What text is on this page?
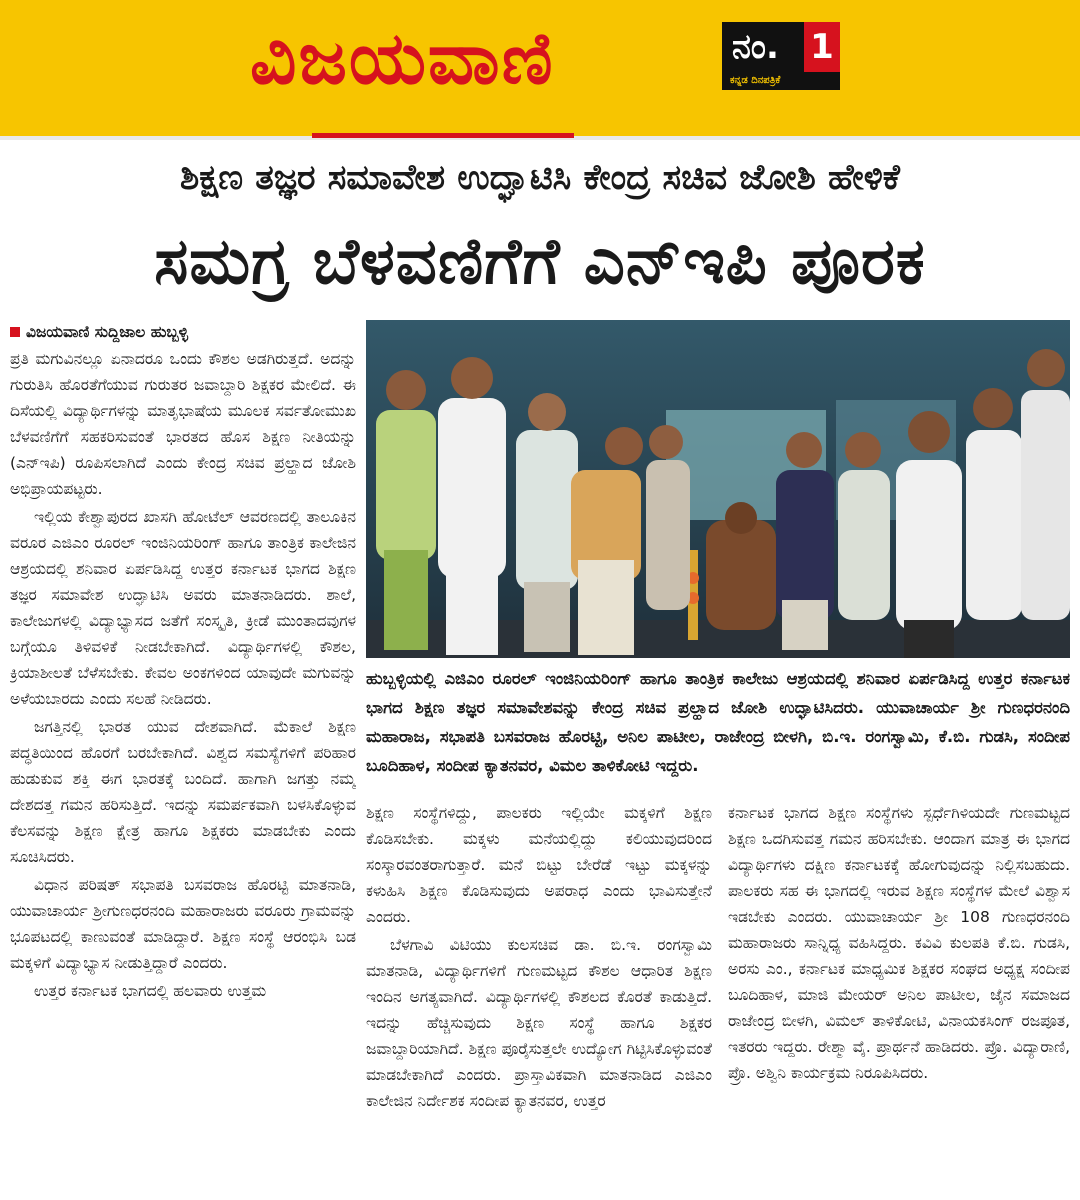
ವಿಜಯವಾಣಿ	ನಂ. 1
ಕನ್ನಡ ದಿನಪತ್ರಿಕೆ
ಶಿಕ್ಷಣ ತಜ್ಞರ ಸಮಾವೇಶ ಉದ್ಘಾಟಿಸಿ ಕೇಂದ್ರ ಸಚಿವ ಜೋಶಿ ಹೇಳಿಕೆ
ಸಮಗ್ರ ಬೆಳವಣಿಗೆಗೆ ಎನ್‌ಇಪಿ ಪೂರಕ
ವಿಜಯವಾಣಿ ಸುದ್ದಿಜಾಲ ಹುಬ್ಬಳ್ಳಿ

ಪ್ರತಿ ಮಗುವಿನಲ್ಲೂ ಏನಾದರೂ ಒಂದು ಕೌಶಲ ಅಡಗಿರುತ್ತದೆ. ಅದನ್ನು ಗುರುತಿಸಿ ಹೊರತೆಗೆಯುವ ಗುರುತರ ಜವಾಬ್ದಾರಿ ಶಿಕ್ಷಕರ ಮೇಲಿದೆ. ಈ ದಿಸೆಯಲ್ಲಿ ವಿದ್ಯಾರ್ಥಿಗಳನ್ನು ಮಾತೃಭಾಷೆಯ ಮೂಲಕ ಸರ್ವತೋಮುಖ ಬೆಳವಣಿಗೆಗೆ ಸಹಕರಿಸುವಂತೆ ಭಾರತದ ಹೊಸ ಶಿಕ್ಷಣ ನೀತಿಯನ್ನು (ಎನ್‌ಇಪಿ) ರೂಪಿಸಲಾಗಿದೆ ಎಂದು ಕೇಂದ್ರ ಸಚಿವ ಪ್ರಲ್ಹಾದ ಜೋಶಿ ಅಭಿಪ್ರಾಯಪಟ್ಟರು.

ಇಲ್ಲಿಯ ಕೇಶ್ವಾಪುರದ ಖಾಸಗಿ ಹೋಟೆಲ್ ಆವರಣದಲ್ಲಿ ತಾಲೂಕಿನ ವರೂರ ಎಜಿಎಂ ರೂರಲ್ ಇಂಜಿನಿಯರಿಂಗ್ ಹಾಗೂ ತಾಂತ್ರಿಕ ಕಾಲೇಜಿನ ಆಶ್ರಯದಲ್ಲಿ ಶನಿವಾರ ಏರ್ಪಡಿಸಿದ್ದ ಉತ್ತರ ಕರ್ನಾಟಕ ಭಾಗದ ಶಿಕ್ಷಣ ತಜ್ಞರ ಸಮಾವೇಶ ಉದ್ಘಾಟಿಸಿ ಅವರು ಮಾತನಾಡಿದರು. ಶಾಲೆ, ಕಾಲೇಜುಗಳಲ್ಲಿ ವಿದ್ಯಾಭ್ಯಾಸದ ಜತೆಗೆ ಸಂಸ್ಕೃತಿ, ಕ್ರೀಡೆ ಮುಂತಾದವುಗಳ ಬಗ್ಗೆಯೂ ತಿಳಿವಳಿಕೆ ನೀಡಬೇಕಾಗಿದೆ. ವಿದ್ಯಾರ್ಥಿಗಳಲ್ಲಿ ಕೌಶಲ, ಕ್ರಿಯಾಶೀಲತೆ ಬೆಳೆಸಬೇಕು. ಕೇವಲ ಅಂಕಗಳಿಂದ ಯಾವುದೇ ಮಗುವನ್ನು ಅಳೆಯಬಾರದು ಎಂದು ಸಲಹೆ ನೀಡಿದರು.

ಜಗತ್ತಿನಲ್ಲಿ ಭಾರತ ಯುವ ದೇಶವಾಗಿದೆ. ಮೆಕಾಲೆ ಶಿಕ್ಷಣ ಪದ್ಧತಿಯಿಂದ ಹೊರಗೆ ಬರಬೇಕಾಗಿದೆ. ವಿಶ್ವದ ಸಮಸ್ಯೆಗಳಿಗೆ ಪರಿಹಾರ ಹುಡುಕುವ ಶಕ್ತಿ ಈಗ ಭಾರತಕ್ಕೆ ಬಂದಿದೆ. ಹಾಗಾಗಿ ಜಗತ್ತು ನಮ್ಮ ದೇಶದತ್ತ ಗಮನ ಹರಿಸುತ್ತಿದೆ. ಇದನ್ನು ಸಮರ್ಪಕವಾಗಿ ಬಳಸಿಕೊಳ್ಳುವ ಕೆಲಸವನ್ನು ಶಿಕ್ಷಣ ಕ್ಷೇತ್ರ ಹಾಗೂ ಶಿಕ್ಷಕರು ಮಾಡಬೇಕು ಎಂದು ಸೂಚಿಸಿದರು.

ವಿಧಾನ ಪರಿಷತ್ ಸಭಾಪತಿ ಬಸವರಾಜ ಹೊರಟ್ಟಿ ಮಾತನಾಡಿ, ಯುವಾಚಾರ್ಯ ಶ್ರೀಗುಣಧರನಂದಿ ಮಹಾರಾಜರು ವರೂರು ಗ್ರಾಮವನ್ನು ಭೂಪಟದಲ್ಲಿ ಕಾಣುವಂತೆ ಮಾಡಿದ್ದಾರೆ. ಶಿಕ್ಷಣ ಸಂಸ್ಥೆ ಆರಂಭಿಸಿ ಬಡ ಮಕ್ಕಳಿಗೆ ವಿದ್ಯಾಭ್ಯಾಸ ನೀಡುತ್ತಿದ್ದಾರೆ ಎಂದರು.

ಉತ್ತರ ಕರ್ನಾಟಕ ಭಾಗದಲ್ಲಿ ಹಲವಾರು ಉತ್ತಮ

ಹುಬ್ಬಳ್ಳಿಯಲ್ಲಿ ಎಜಿಎಂ ರೂರಲ್ ಇಂಜಿನಿಯರಿಂಗ್ ಹಾಗೂ ತಾಂತ್ರಿಕ ಕಾಲೇಜು ಆಶ್ರಯದಲ್ಲಿ ಶನಿವಾರ ಏರ್ಪಡಿಸಿದ್ದ ಉತ್ತರ ಕರ್ನಾಟಕ ಭಾಗದ ಶಿಕ್ಷಣ ತಜ್ಞರ ಸಮಾವೇಶವನ್ನು ಕೇಂದ್ರ ಸಚಿವ ಪ್ರಲ್ಹಾದ ಜೋಶಿ ಉದ್ಘಾಟಿಸಿದರು. ಯುವಾಚಾರ್ಯ ಶ್ರೀ ಗುಣಧರನಂದಿ ಮಹಾರಾಜ, ಸಭಾಪತಿ ಬಸವರಾಜ ಹೊರಟ್ಟಿ, ಅನಿಲ ಪಾಟೀಲ, ರಾಜೇಂದ್ರ ಬೀಳಗಿ, ಬಿ.ಇ. ರಂಗಸ್ವಾಮಿ, ಕೆ.ಬಿ. ಗುಡಸಿ, ಸಂದೀಪ ಬೂದಿಹಾಳ, ಸಂದೀಪ ಕ್ಯಾತನವರ, ವಿಮಲ ತಾಳಿಕೋಟಿ ಇದ್ದರು.

ಶಿಕ್ಷಣ ಸಂಸ್ಥೆಗಳಿದ್ದು, ಪಾಲಕರು ಇಲ್ಲಿಯೇ ಮಕ್ಕಳಿಗೆ ಶಿಕ್ಷಣ ಕೊಡಿಸಬೇಕು. ಮಕ್ಕಳು ಮನೆಯಲ್ಲಿದ್ದು ಕಲಿಯುವುದರಿಂದ ಸಂಸ್ಕಾರವಂತರಾಗುತ್ತಾರೆ. ಮನೆ ಬಿಟ್ಟು ಬೇರೆಡೆ ಇಟ್ಟು ಮಕ್ಕಳನ್ನು ಕಳುಹಿಸಿ ಶಿಕ್ಷಣ ಕೊಡಿಸುವುದು ಅಪರಾಧ ಎಂದು ಭಾವಿಸುತ್ತೇನೆ ಎಂದರು.

ಬೆಳಗಾವಿ ವಿಟಿಯು ಕುಲಸಚಿವ ಡಾ. ಬಿ.ಇ. ರಂಗಸ್ವಾಮಿ ಮಾತನಾಡಿ, ವಿದ್ಯಾರ್ಥಿಗಳಿಗೆ ಗುಣಮಟ್ಟದ ಕೌಶಲ ಆಧಾರಿತ ಶಿಕ್ಷಣ ಇಂದಿನ ಅಗತ್ಯವಾಗಿದೆ. ವಿದ್ಯಾರ್ಥಿಗಳಲ್ಲಿ ಕೌಶಲದ ಕೊರತೆ ಕಾಡುತ್ತಿದೆ. ಇದನ್ನು ಹೆಚ್ಚಿಸುವುದು ಶಿಕ್ಷಣ ಸಂಸ್ಥೆ ಹಾಗೂ ಶಿಕ್ಷಕರ ಜವಾಬ್ದಾರಿಯಾಗಿದೆ. ಶಿಕ್ಷಣ ಪೂರೈಸುತ್ತಲೇ ಉದ್ಯೋಗ ಗಿಟ್ಟಿಸಿಕೊಳ್ಳುವಂತೆ ಮಾಡಬೇಕಾಗಿದೆ ಎಂದರು. ಪ್ರಾಸ್ತಾವಿಕವಾಗಿ ಮಾತನಾಡಿದ ಎಜಿಎಂ ಕಾಲೇಜಿನ ನಿರ್ದೇಶಕ ಸಂದೀಪ ಕ್ಯಾತನವರ, ಉತ್ತರ

ಕರ್ನಾಟಕ ಭಾಗದ ಶಿಕ್ಷಣ ಸಂಸ್ಥೆಗಳು ಸ್ಪರ್ಧೆಗಿಳಿಯದೇ ಗುಣಮಟ್ಟದ ಶಿಕ್ಷಣ ಒದಗಿಸುವತ್ತ ಗಮನ ಹರಿಸಬೇಕು. ಆಂದಾಗ ಮಾತ್ರ ಈ ಭಾಗದ ವಿದ್ಯಾರ್ಥಿಗಳು ದಕ್ಷಿಣ ಕರ್ನಾಟಕಕ್ಕೆ ಹೋಗುವುದನ್ನು ನಿಲ್ಲಿಸಬಹುದು. ಪಾಲಕರು ಸಹ ಈ ಭಾಗದಲ್ಲಿ ಇರುವ ಶಿಕ್ಷಣ ಸಂಸ್ಥೆಗಳ ಮೇಲೆ ವಿಶ್ವಾಸ ಇಡಬೇಕು ಎಂದರು. ಯುವಾಚಾರ್ಯ ಶ್ರೀ 108 ಗುಣಧರನಂದಿ ಮಹಾರಾಜರು ಸಾನ್ನಿಧ್ಯ ವಹಿಸಿದ್ದರು. ಕವಿವಿ ಕುಲಪತಿ ಕೆ.ಬಿ. ಗುಡಸಿ, ಅರಸು ಎಂ., ಕರ್ನಾಟಕ ಮಾಧ್ಯಮಿಕ ಶಿಕ್ಷಕರ ಸಂಘದ ಅಧ್ಯಕ್ಷ ಸಂದೀಪ ಬೂದಿಹಾಳ, ಮಾಜಿ ಮೇಯರ್ ಅನಿಲ ಪಾಟೀಲ, ಜೈನ ಸಮಾಜದ ರಾಜೇಂದ್ರ ಬೀಳಗಿ, ವಿಮಲ್ ತಾಳಿಕೋಟಿ, ವಿನಾಯಕಸಿಂಗ್ ರಜಪೂತ, ಇತರರು ಇದ್ದರು. ರೇಶ್ಮಾ ವೈ. ಪ್ರಾರ್ಥನೆ ಹಾಡಿದರು. ಪ್ರೊ. ವಿದ್ಯಾರಾಣಿ, ಪ್ರೊ. ಅಶ್ವಿನಿ ಕಾರ್ಯಕ್ರಮ ನಿರೂಪಿಸಿದರು.
